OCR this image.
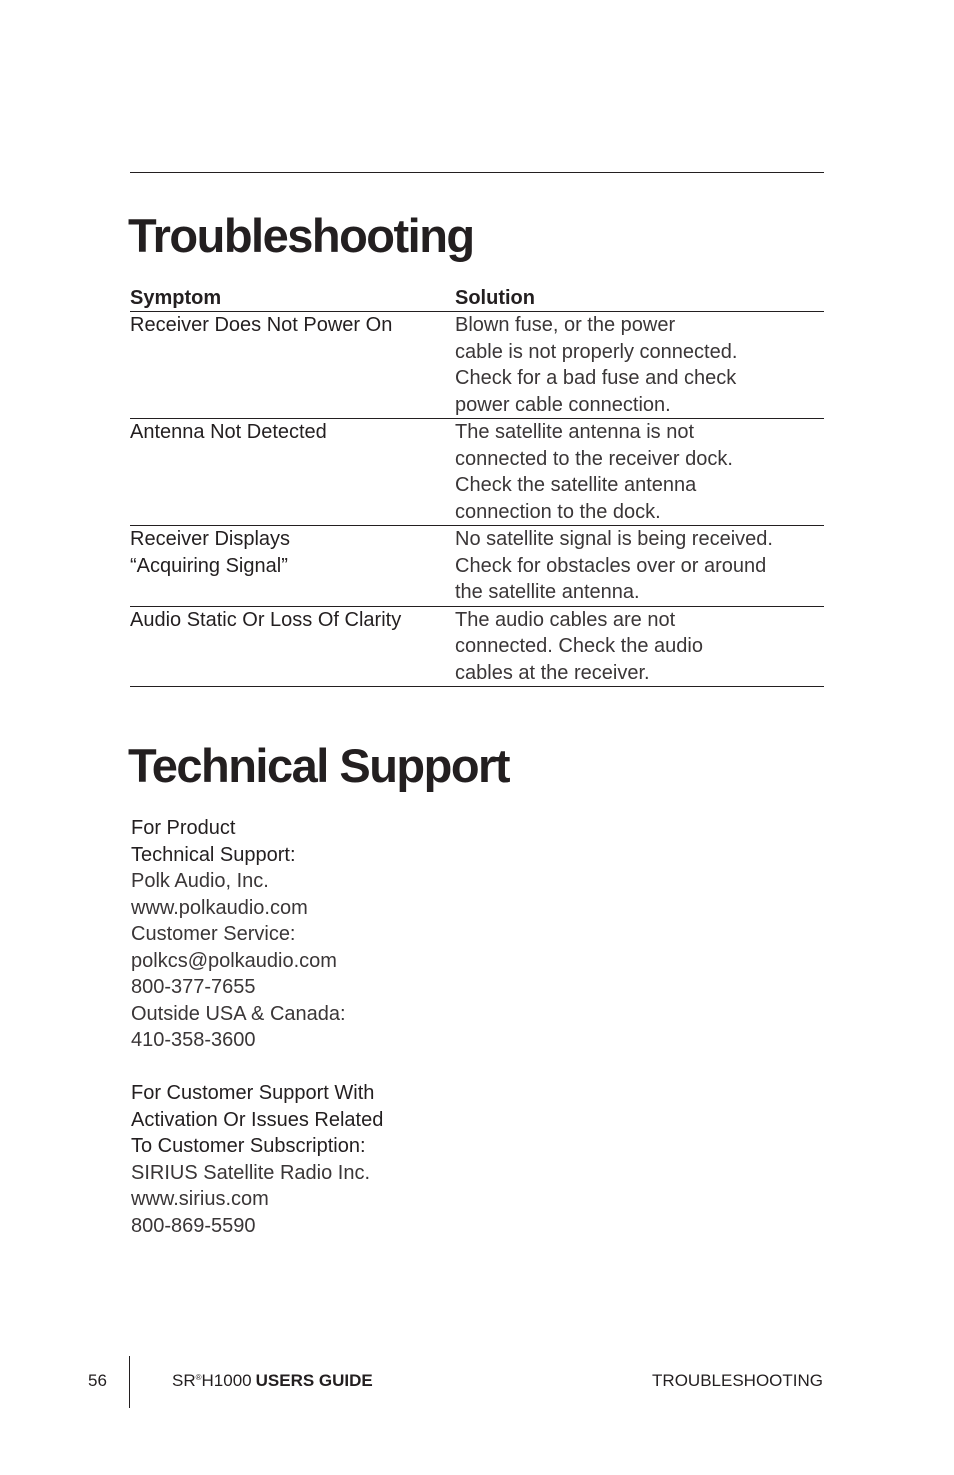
Troubleshooting
Symptom	Solution

Receiver Does Not Power On	Blown fuse, or the power
cable is not properly connected.
Check for a bad fuse and check
power cable connection.

Antenna Not Detected	The satellite antenna is not
connected to the receiver dock.
Check the satellite antenna
connection to the dock.

Receiver Displays
“Acquiring Signal”	No satellite signal is being received.
Check for obstacles over or around
the satellite antenna.

Audio Static Or Loss Of Clarity	The audio cables are not
connected. Check the audio
cables at the receiver.
Technical Support
For Product
Technical Support:
Polk Audio, Inc.
www.polkaudio.com
Customer Service:
polkcs@polkaudio.com
800-377-7655
Outside USA & Canada:
410-358-3600
For Customer Support With
Activation Or Issues Related
To Customer Subscription:
SIRIUS Satellite Radio Inc.
www.sirius.com
800-869-5590
56	SR®H1000 USERS GUIDE	TROUBLESHOOTING
